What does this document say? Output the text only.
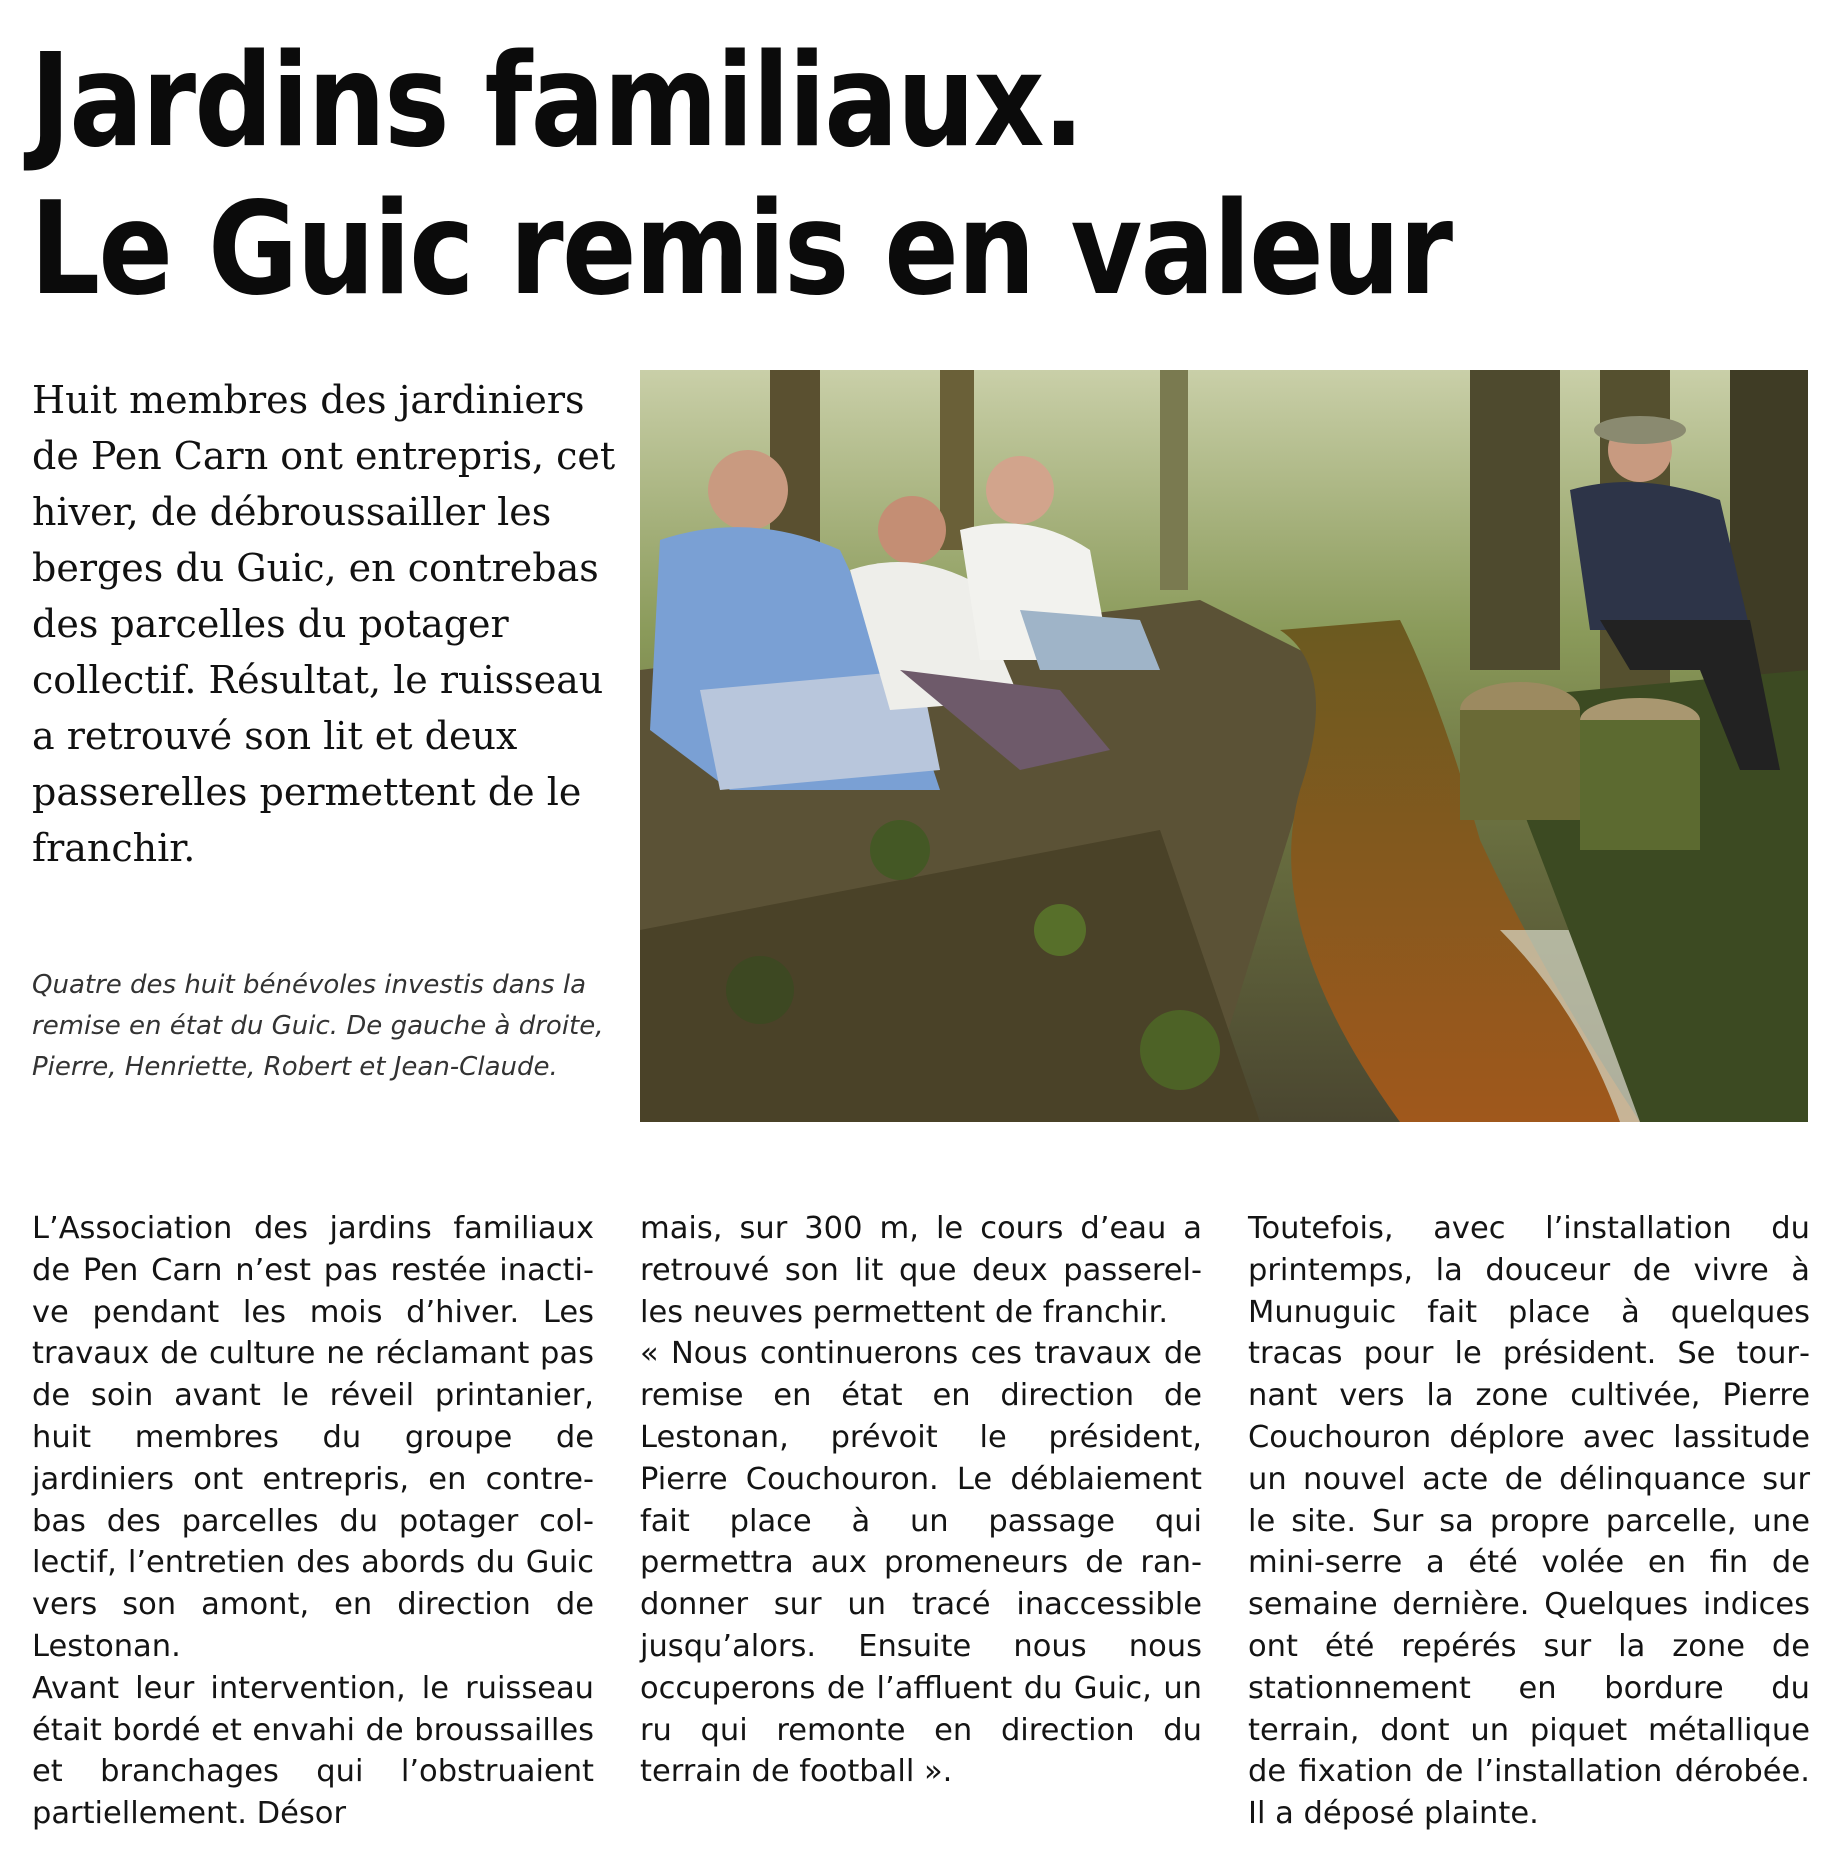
Jardins familiaux.
Le Guic remis en valeur

Huit membres des jardiniers de Pen Carn ont entrepris, cet hiver, de débroussailler les berges du Guic, en contrebas des parcelles du potager collectif. Résultat, le ruisseau a retrouvé son lit et deux passerelles permettent de le franchir.

Quatre des huit bénévoles investis dans la remise en état du Guic. De gauche à droite, Pierre, Henriette, Robert et Jean-Claude.

L’Association des jardins familiaux de Pen Carn n’est pas restée inactive pendant les mois d’hiver. Les travaux de culture ne réclamant pas de soin avant le réveil printanier, huit membres du groupe de jardiniers ont entrepris, en contrebas des parcelles du potager collectif, l’entretien des abords du Guic vers son amont, en direction de Lestonan.

Avant leur intervention, le ruisseau était bordé et envahi de broussailles et branchages qui l’obstruaient partiellement. Désor

mais, sur 300 m, le cours d’eau a retrouvé son lit que deux passerelles neuves permettent de franchir.

« Nous continuerons ces travaux de remise en état en direction de Lestonan, prévoit le président, Pierre Couchouron. Le déblaiement fait place à un passage qui permettra aux promeneurs de randonner sur un tracé inaccessible jusqu’alors. Ensuite nous nous occuperons de l’affluent du Guic, un ru qui remonte en direction du terrain de football ».

Toutefois, avec l’installation du printemps, la douceur de vivre à Munuguic fait place à quelques tracas pour le président. Se tournant vers la zone cultivée, Pierre Couchouron déplore avec lassitude un nouvel acte de délinquance sur le site. Sur sa propre parcelle, une mini-serre a été volée en fin de semaine dernière. Quelques indices ont été repérés sur la zone de stationnement en bordure du terrain, dont un piquet métallique de fixation de l’installation dérobée. Il a déposé plainte.
